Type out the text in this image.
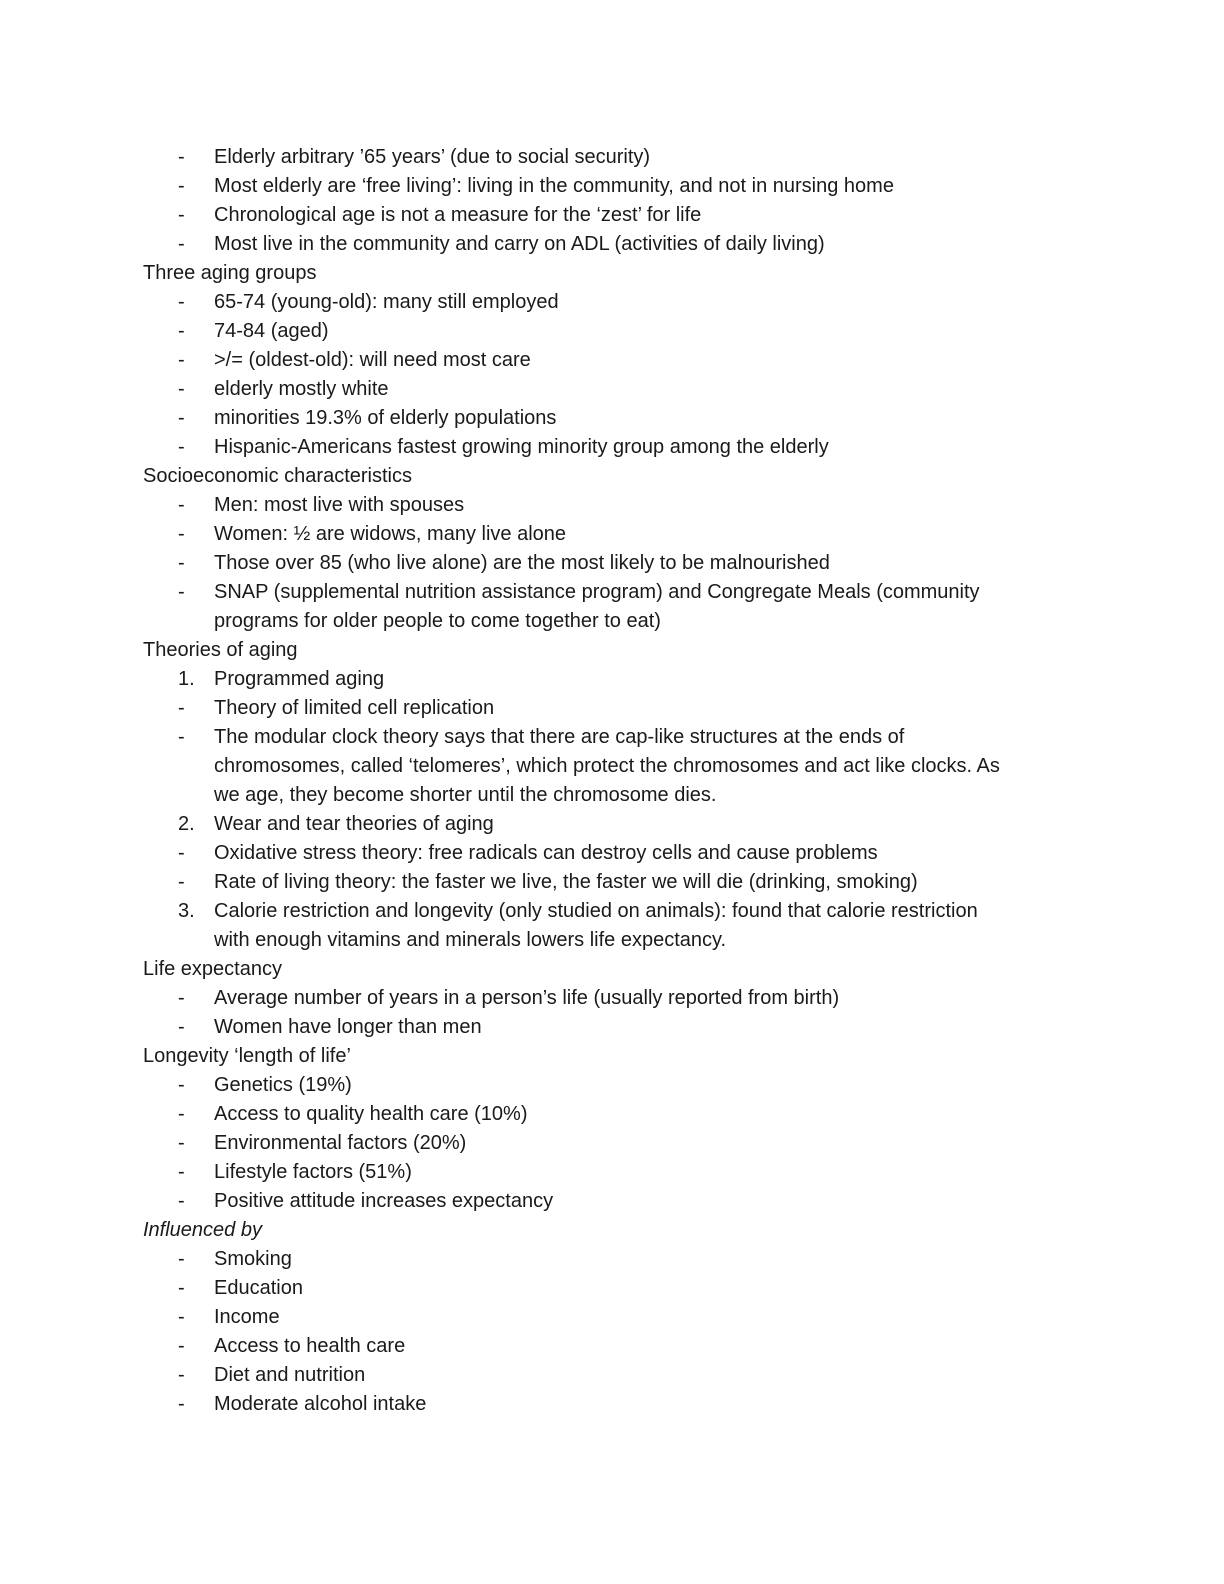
- Elderly arbitrary ’65 years’ (due to social security)
- Most elderly are ‘free living’: living in the community, and not in nursing home
- Chronological age is not a measure for the ‘zest’ for life
- Most live in the community and carry on ADL (activities of daily living)
Three aging groups
- 65-74 (young-old): many still employed
- 74-84 (aged)
- >/= (oldest-old): will need most care
- elderly mostly white
- minorities 19.3% of elderly populations
- Hispanic-Americans fastest growing minority group among the elderly
Socioeconomic characteristics
- Men: most live with spouses
- Women: ½ are widows, many live alone
- Those over 85 (who live alone) are the most likely to be malnourished
- SNAP (supplemental nutrition assistance program) and Congregate Meals (community
programs for older people to come together to eat)
Theories of aging
1. Programmed aging
- Theory of limited cell replication
- The modular clock theory says that there are cap-like structures at the ends of
chromosomes, called ‘telomeres’, which protect the chromosomes and act like clocks. As
we age, they become shorter until the chromosome dies.
2. Wear and tear theories of aging
- Oxidative stress theory: free radicals can destroy cells and cause problems
- Rate of living theory: the faster we live, the faster we will die (drinking, smoking)
3. Calorie restriction and longevity (only studied on animals): found that calorie restriction
with enough vitamins and minerals lowers life expectancy.
Life expectancy
- Average number of years in a person’s life (usually reported from birth)
- Women have longer than men
Longevity ‘length of life’
- Genetics (19%)
- Access to quality health care (10%)
- Environmental factors (20%)
- Lifestyle factors (51%)
- Positive attitude increases expectancy
Influenced by
- Smoking
- Education
- Income
- Access to health care
- Diet and nutrition
- Moderate alcohol intake
